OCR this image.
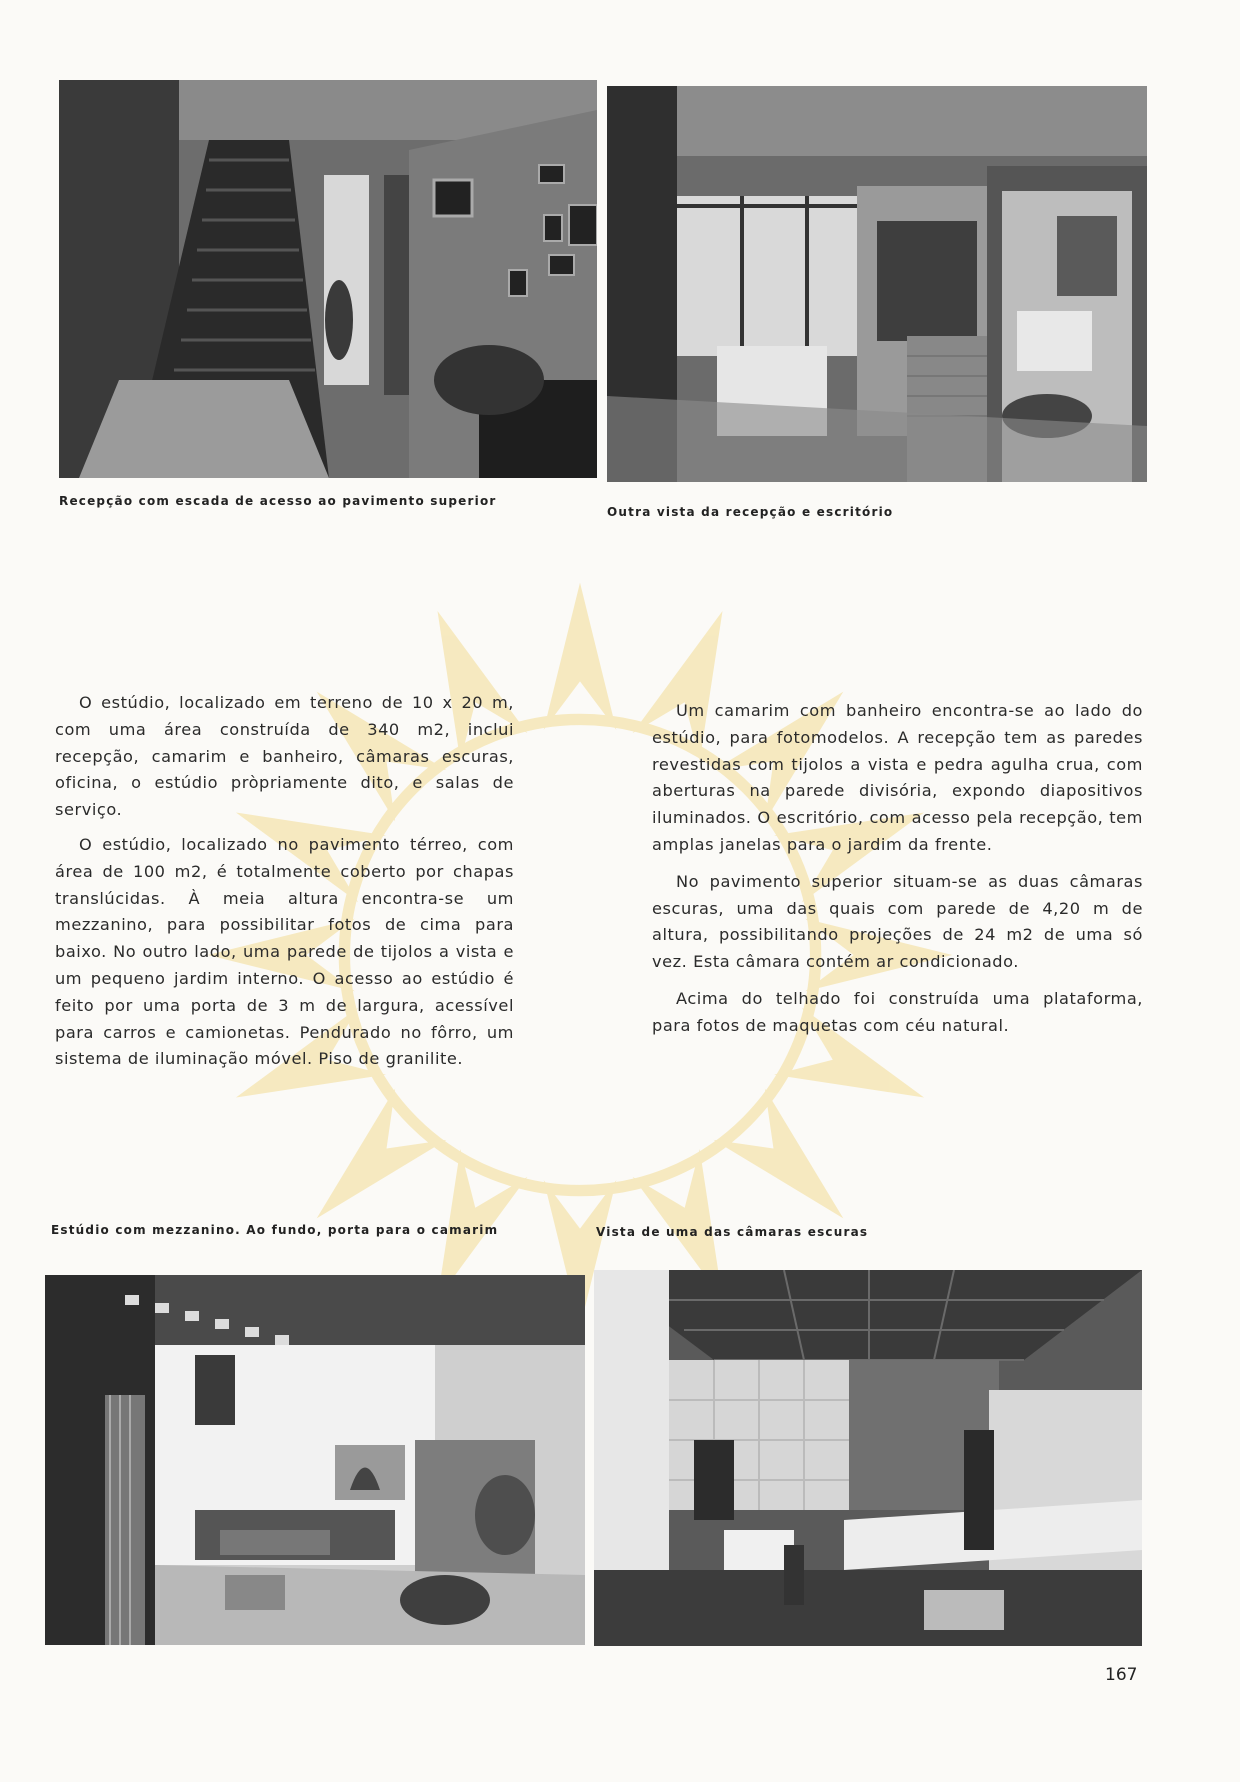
Recepção com escada de acesso ao pavimento superior
Outra vista da recepção e escritório

O estúdio, localizado em terreno de 10 x 20 m, com uma área construída de 340 m2, inclui recepção, camarim e banheiro, câmaras escuras, oficina, o estúdio pròpriamente dito, e salas de serviço.

O estúdio, localizado no pavimento térreo, com área de 100 m2, é totalmente coberto por chapas translúcidas. À meia altura encontra-se um mezzanino, para possibilitar fotos de cima para baixo. No outro lado, uma parede de tijolos a vista e um pequeno jardim interno. O acesso ao estúdio é feito por uma porta de 3 m de largura, acessível para carros e camionetas. Pendurado no fôrro, um sistema de iluminação móvel. Piso de granilite.

Um camarim com banheiro encontra-se ao lado do estúdio, para fotomodelos. A recepção tem as paredes revestidas com tijolos a vista e pedra agulha crua, com aberturas na parede divisória, expondo diapositivos iluminados. O escritório, com acesso pela recepção, tem amplas janelas para o jardim da frente.

No pavimento superior situam-se as duas câmaras escuras, uma das quais com parede de 4,20 m de altura, possibilitando projeções de 24 m2 de uma só vez. Esta câmara contém ar condicionado.

Acima do telhado foi construída uma plataforma, para fotos de maquetas com céu natural.

Estúdio com mezzanino. Ao fundo, porta para o camarim	Vista de uma das câmaras escuras
167
